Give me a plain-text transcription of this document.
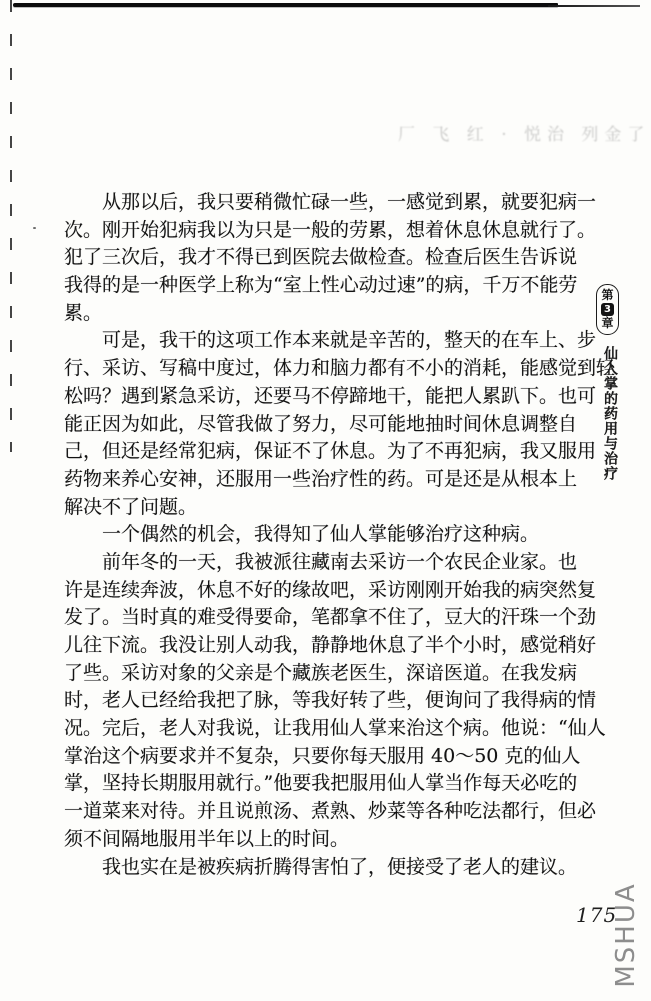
厂 飞 红 · 悦治 列金了
从那以后，我只要稍微忙碌一些，一感觉到累，就要犯病一
次。刚开始犯病我以为只是一般的劳累，想着休息休息就行了。
犯了三次后，我才不得已到医院去做检查。检查后医生告诉说
我得的是一种医学上称为“室上性心动过速”的病，千万不能劳
累。
可是，我干的这项工作本来就是辛苦的，整天的在车上、步
行、采访、写稿中度过，体力和脑力都有不小的消耗，能感觉到轻
松吗？遇到紧急采访，还要马不停蹄地干，能把人累趴下。也可
能正因为如此，尽管我做了努力，尽可能地抽时间休息调整自
己，但还是经常犯病，保证不了休息。为了不再犯病，我又服用
药物来养心安神，还服用一些治疗性的药。可是还是从根本上
解决不了问题。
一个偶然的机会，我得知了仙人掌能够治疗这种病。
前年冬的一天，我被派往藏南去采访一个农民企业家。也
许是连续奔波，休息不好的缘故吧，采访刚刚开始我的病突然复
发了。当时真的难受得要命，笔都拿不住了，豆大的汗珠一个劲
儿往下流。我没让别人动我，静静地休息了半个小时，感觉稍好
了些。采访对象的父亲是个藏族老医生，深谙医道。在我发病
时，老人已经给我把了脉，等我好转了些，便询问了我得病的情
况。完后，老人对我说，让我用仙人掌来治这个病。他说：“仙人
掌治这个病要求并不复杂，只要你每天服用 40～50 克的仙人
掌，坚持长期服用就行。”他要我把服用仙人掌当作每天必吃的
一道菜来对待。并且说煎汤、煮熟、炒菜等各种吃法都行，但必
须不间隔地服用半年以上的时间。
我也实在是被疾病折腾得害怕了，便接受了老人的建议。
第
3
章
仙人掌的药用与治疗
175
MSHUA
